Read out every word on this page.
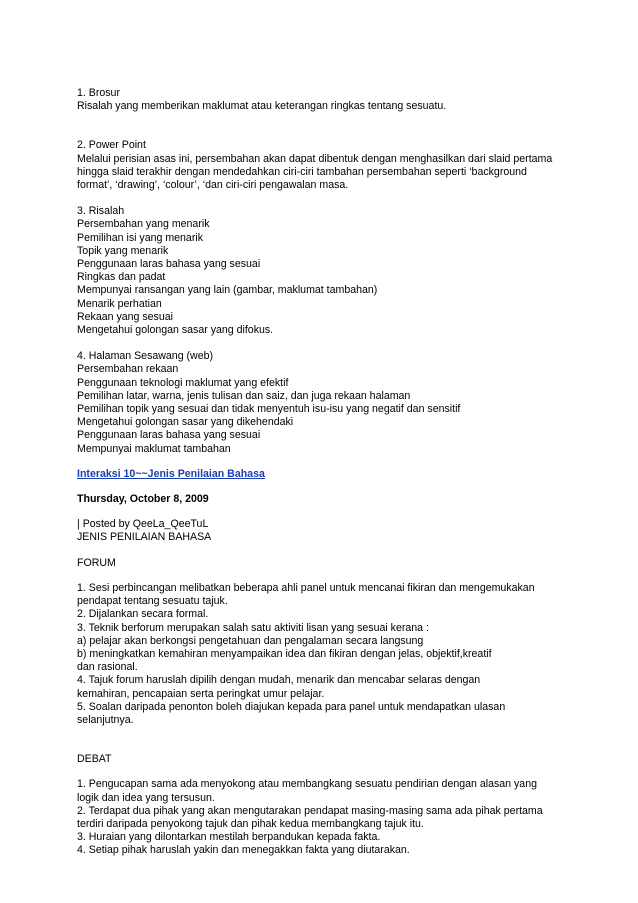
1. Brosur
Risalah yang memberikan maklumat atau keterangan ringkas tentang sesuatu.
2. Power Point
Melalui perisian asas ini, persembahan akan dapat dibentuk dengan menghasilkan dari slaid pertama
hingga slaid terakhir dengan mendedahkan ciri-ciri tambahan persembahan seperti ‘background
format’, ‘drawing’, ‘colour’, ‘dan ciri-ciri pengawalan masa.
3. Risalah
Persembahan yang menarik
Pemilihan isi yang menarik
Topik yang menarik
Penggunaan laras bahasa yang sesuai
Ringkas dan padat
Mempunyai ransangan yang lain (gambar, maklumat tambahan)
Menarik perhatian
Rekaan yang sesuai
Mengetahui golongan sasar yang difokus.
4. Halaman Sesawang (web)
Persembahan rekaan
Penggunaan teknologi maklumat yang efektif
Pemilihan latar, warna, jenis tulisan dan saiz, dan juga rekaan halaman
Pemilihan topik yang sesuai dan tidak menyentuh isu-isu yang negatif dan sensitif
Mengetahui golongan sasar yang dikehendaki
Penggunaan laras bahasa yang sesuai
Mempunyai maklumat tambahan
Interaksi 10~~Jenis Penilaian Bahasa
Thursday, October 8, 2009
| Posted by QeeLa_QeeTuL
JENIS PENILAIAN BAHASA
FORUM
1. Sesi perbincangan melibatkan beberapa ahli panel untuk mencanai fikiran dan mengemukakan
pendapat tentang sesuatu tajuk.
2. Dijalankan secara formal.
3. Teknik berforum merupakan salah satu aktiviti lisan yang sesuai kerana :
a) pelajar akan berkongsi pengetahuan dan pengalaman secara langsung
b) meningkatkan kemahiran menyampaikan idea dan fikiran dengan jelas, objektif,kreatif
dan rasional.
4. Tajuk forum haruslah dipilih dengan mudah, menarik dan mencabar selaras dengan
kemahiran, pencapaian serta peringkat umur pelajar.
5. Soalan daripada penonton boleh diajukan kepada para panel untuk mendapatkan ulasan
selanjutnya.
DEBAT
1. Pengucapan sama ada menyokong atau membangkang sesuatu pendirian dengan alasan yang
logik dan idea yang tersusun.
2. Terdapat dua pihak yang akan mengutarakan pendapat masing-masing sama ada pihak pertama
terdiri daripada penyokong tajuk dan pihak kedua membangkang tajuk itu.
3. Huraian yang dilontarkan mestilah berpandukan kepada fakta.
4. Setiap pihak haruslah yakin dan menegakkan fakta yang diutarakan.
